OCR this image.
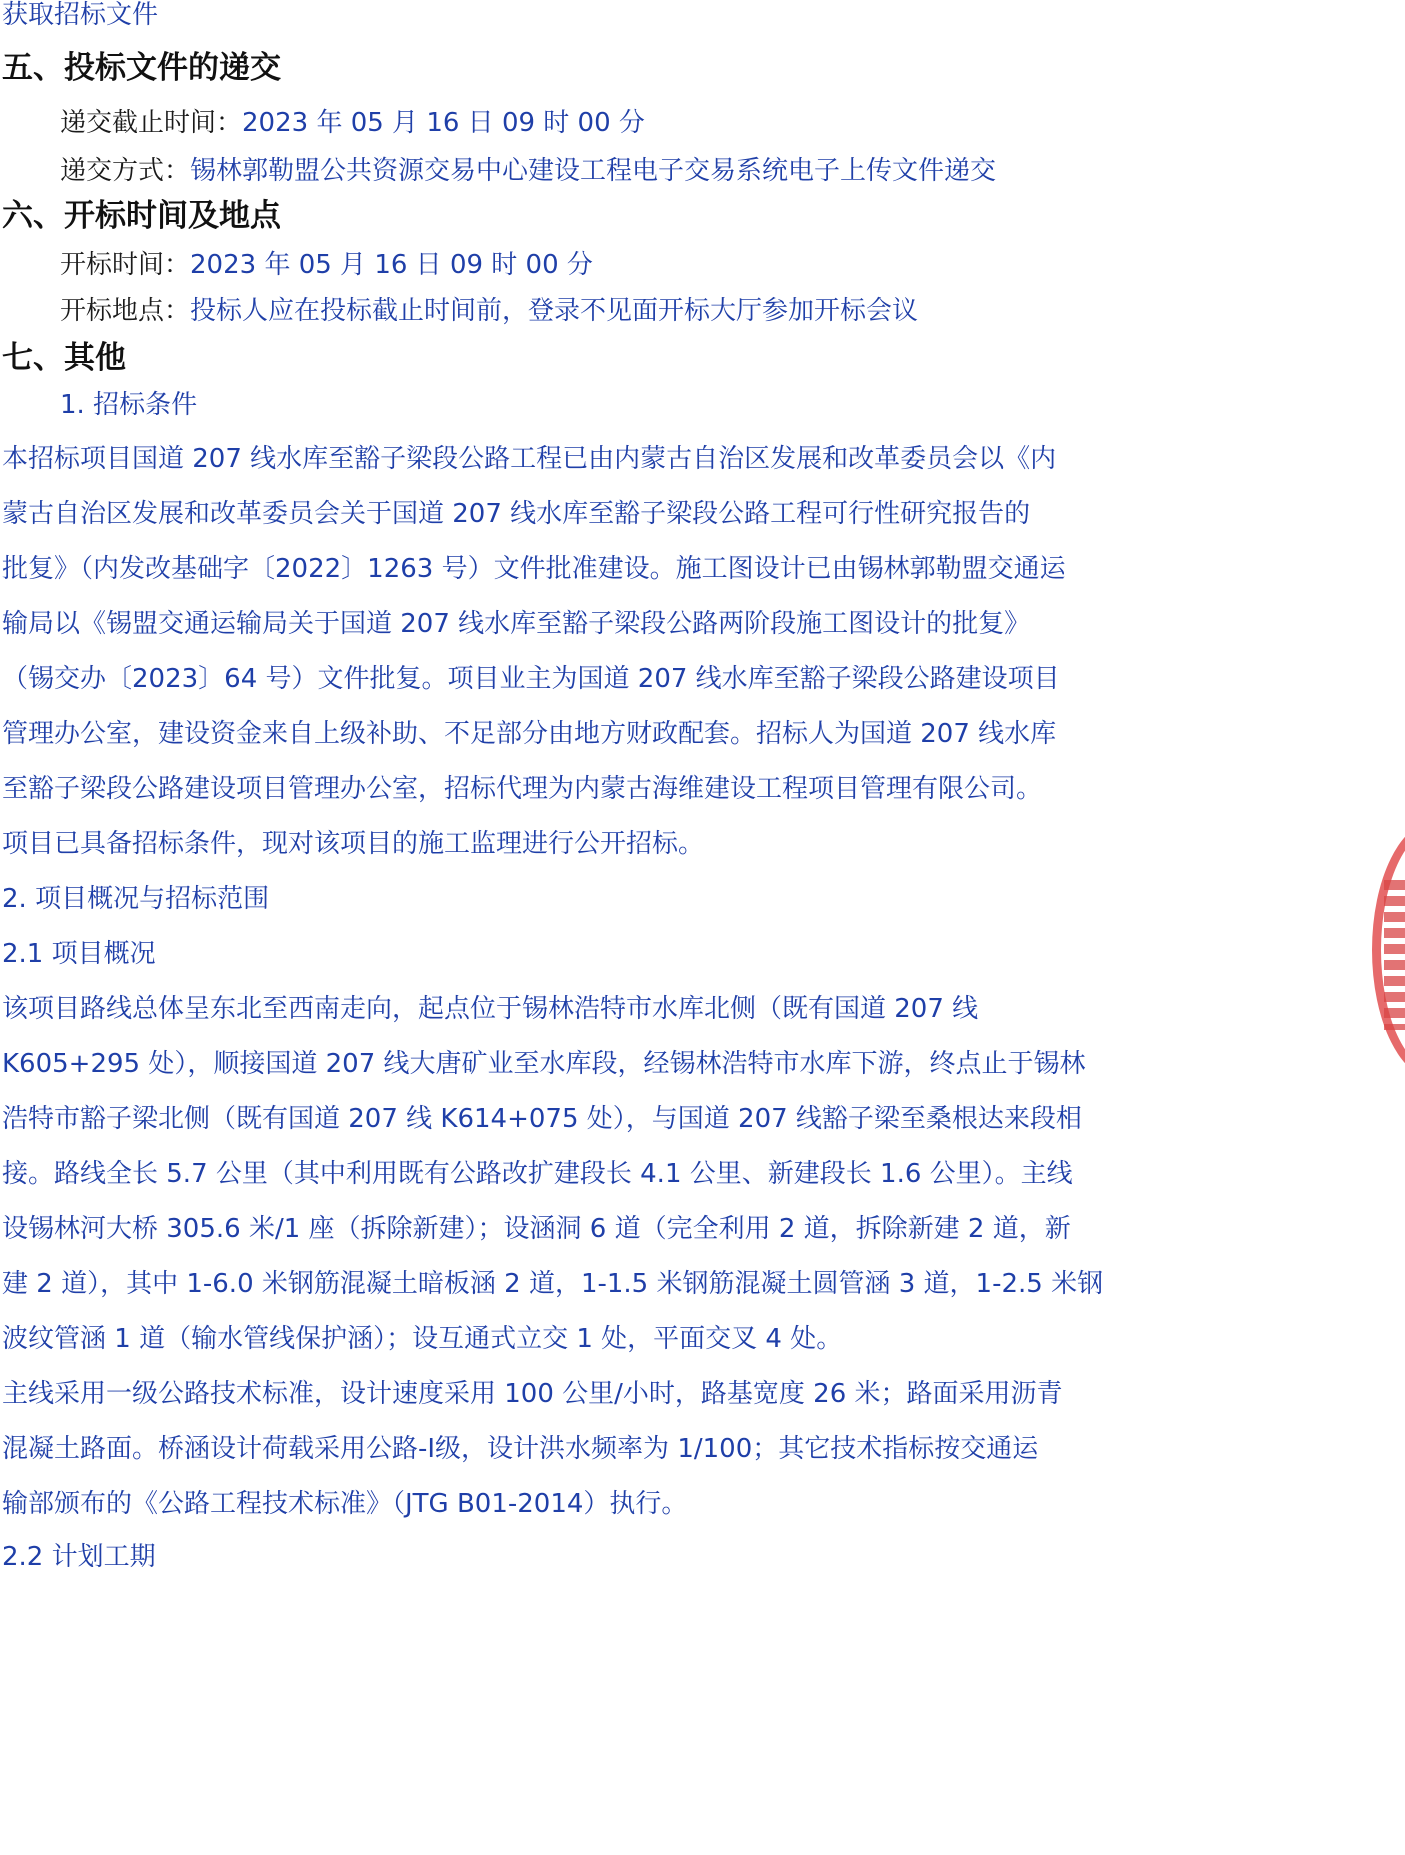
获取招标文件
五、投标文件的递交
递交截止时间：2023 年 05 月 16 日 09 时 00 分
递交方式：锡林郭勒盟公共资源交易中心建设工程电子交易系统电子上传文件递交
六、开标时间及地点
开标时间：2023 年 05 月 16 日 09 时 00 分
开标地点：投标人应在投标截止时间前，登录不见面开标大厅参加开标会议
七、其他
1. 招标条件
本招标项目国道 207 线水库至豁子梁段公路工程已由内蒙古自治区发展和改革委员会以《内
蒙古自治区发展和改革委员会关于国道 207 线水库至豁子梁段公路工程可行性研究报告的
批复》（内发改基础字〔2022〕1263 号）文件批准建设。施工图设计已由锡林郭勒盟交通运
输局以《锡盟交通运输局关于国道 207 线水库至豁子梁段公路两阶段施工图设计的批复》
（锡交办〔2023〕64 号）文件批复。项目业主为国道 207 线水库至豁子梁段公路建设项目
管理办公室，建设资金来自上级补助、不足部分由地方财政配套。招标人为国道 207 线水库
至豁子梁段公路建设项目管理办公室，招标代理为内蒙古海维建设工程项目管理有限公司。
项目已具备招标条件，现对该项目的施工监理进行公开招标。
2. 项目概况与招标范围
2.1 项目概况
该项目路线总体呈东北至西南走向，起点位于锡林浩特市水库北侧（既有国道 207 线
K605+295 处），顺接国道 207 线大唐矿业至水库段，经锡林浩特市水库下游，终点止于锡林
浩特市豁子梁北侧（既有国道 207 线 K614+075 处），与国道 207 线豁子梁至桑根达来段相
接。路线全长 5.7 公里（其中利用既有公路改扩建段长 4.1 公里、新建段长 1.6 公里）。主线
设锡林河大桥 305.6 米/1 座（拆除新建）；设涵洞 6 道（完全利用 2 道，拆除新建 2 道，新
建 2 道），其中 1-6.0 米钢筋混凝土暗板涵 2 道，1-1.5 米钢筋混凝土圆管涵 3 道，1-2.5 米钢
波纹管涵 1 道（输水管线保护涵）；设互通式立交 1 处，平面交叉 4 处。
主线采用一级公路技术标准，设计速度采用 100 公里/小时，路基宽度 26 米；路面采用沥青
混凝土路面。桥涵设计荷载采用公路-Ⅰ级，设计洪水频率为 1/100；其它技术指标按交通运
输部颁布的《公路工程技术标准》（JTG B01-2014）执行。
2.2 计划工期
